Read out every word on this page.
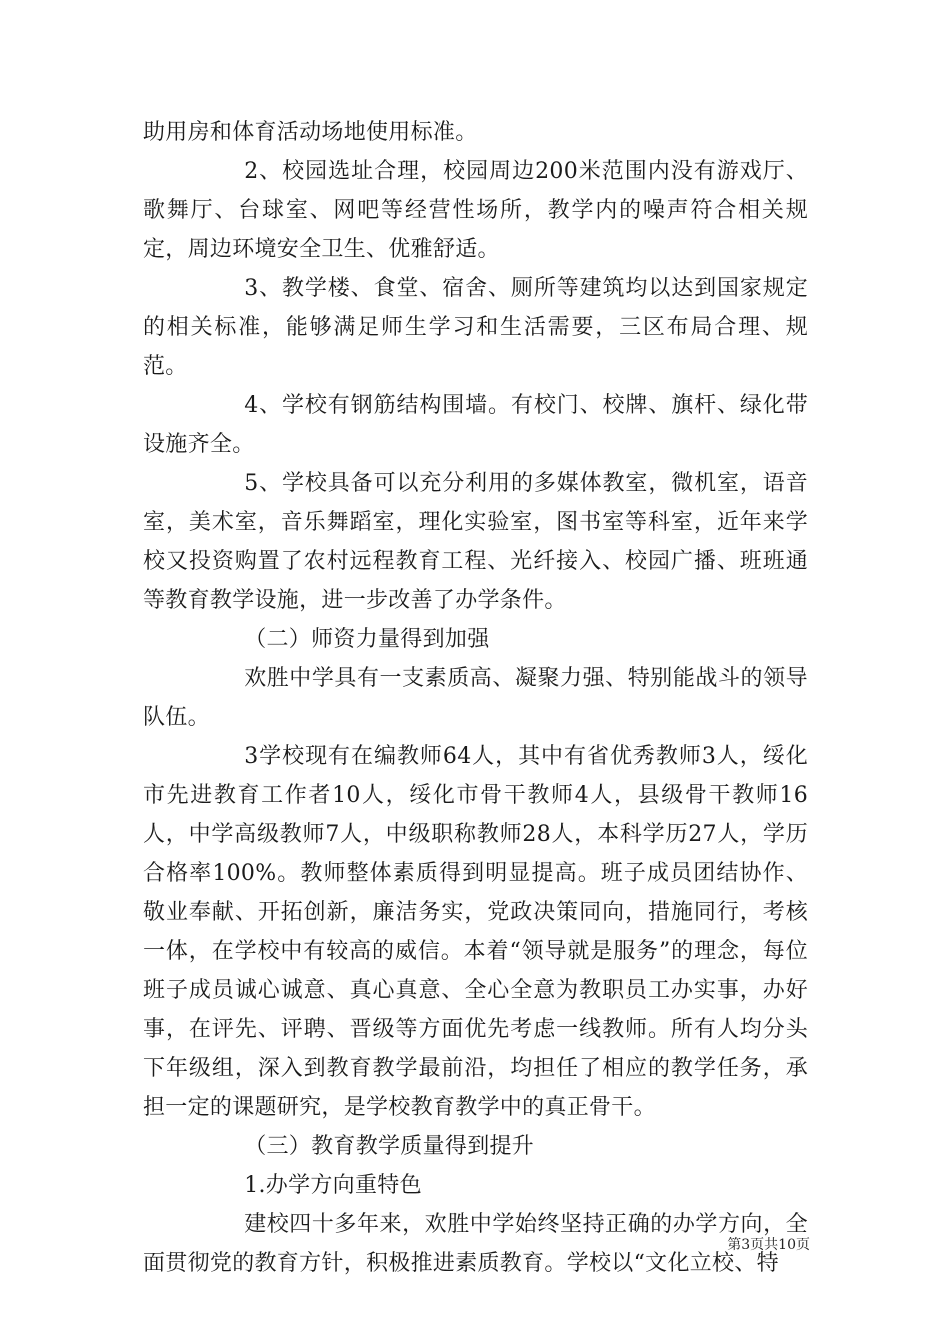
助用房和体育活动场地使用标准。

2、校园选址合理，校园周边200米范围内没有游戏厅、歌舞厅、台球室、网吧等经营性场所，教学内的噪声符合相关规定，周边环境安全卫生、优雅舒适。

3、教学楼、食堂、宿舍、厕所等建筑均以达到国家规定的相关标准，能够满足师生学习和生活需要，三区布局合理、规范。

4、学校有钢筋结构围墙。有校门、校牌、旗杆、绿化带设施齐全。

5、学校具备可以充分利用的多媒体教室，微机室，语音室，美术室，音乐舞蹈室，理化实验室，图书室等科室，近年来学校又投资购置了农村远程教育工程、光纤接入、校园广播、班班通等教育教学设施，进一步改善了办学条件。

（二）师资力量得到加强

欢胜中学具有一支素质高、凝聚力强、特别能战斗的领导队伍。

3学校现有在编教师64人，其中有省优秀教师3人，绥化市先进教育工作者10人，绥化市骨干教师4人，县级骨干教师16人，中学高级教师7人，中级职称教师28人，本科学历27人，学历合格率100%。教师整体素质得到明显提高。班子成员团结协作、敬业奉献、开拓创新，廉洁务实，党政决策同向，措施同行，考核一体，在学校中有较高的威信。本着“领导就是服务”的理念，每位班子成员诚心诚意、真心真意、全心全意为教职员工办实事，办好事，在评先、评聘、晋级等方面优先考虑一线教师。所有人均分头下年级组，深入到教育教学最前沿，均担任了相应的教学任务，承担一定的课题研究，是学校教育教学中的真正骨干。

（三）教育教学质量得到提升

1.办学方向重特色

建校四十多年来，欢胜中学始终坚持正确的办学方向，全面贯彻党的教育方针，积极推进素质教育。学校以“文化立校、特

第3页共10页
